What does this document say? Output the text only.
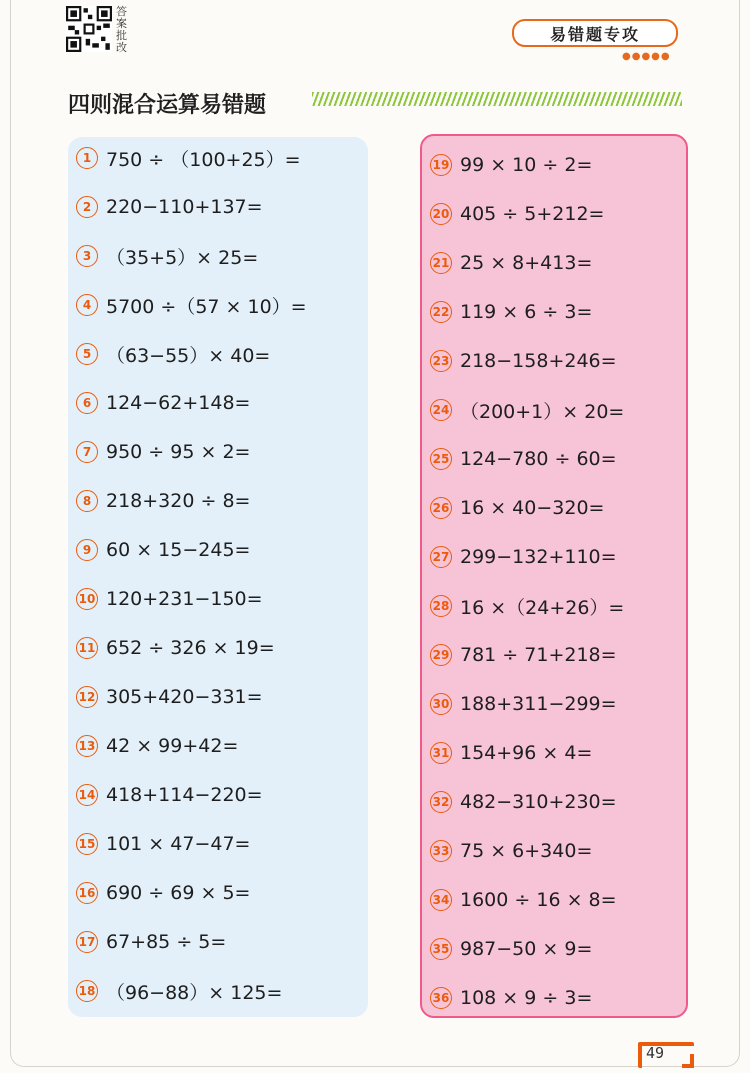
答案批改
易错题专攻
●●●●●
四则混合运算易错题
1 750 ÷ （100+25）=
2 220−110+137=
3 （35+5）× 25=
4 5700 ÷（57 × 10）=
5 （63−55）× 40=
6 124−62+148=
7 950 ÷ 95 × 2=
8 218+320 ÷ 8=
9 60 × 15−245=
10 120+231−150=
11 652 ÷ 326 × 19=
12 305+420−331=
13 42 × 99+42=
14 418+114−220=
15 101 × 47−47=
16 690 ÷ 69 × 5=
17 67+85 ÷ 5=
18 （96−88）× 125=
19 99 × 10 ÷ 2=
20 405 ÷ 5+212=
21 25 × 8+413=
22 119 × 6 ÷ 3=
23 218−158+246=
24 （200+1）× 20=
25 124−780 ÷ 60=
26 16 × 40−320=
27 299−132+110=
28 16 ×（24+26）=
29 781 ÷ 71+218=
30 188+311−299=
31 154+96 × 4=
32 482−310+230=
33 75 × 6+340=
34 1600 ÷ 16 × 8=
35 987−50 × 9=
36 108 × 9 ÷ 3=
49
